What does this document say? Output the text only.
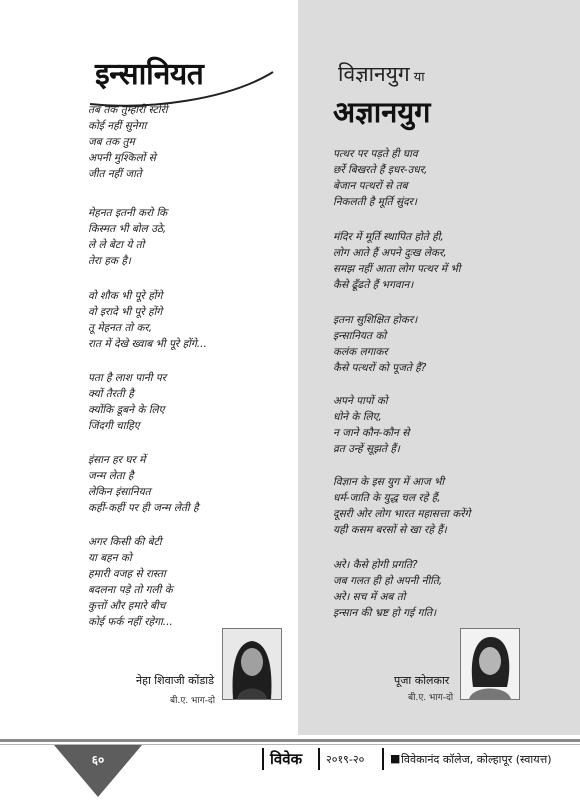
इन्सानियत
तब तक तुम्हारी स्टोरी
कोई नहीं सुनेगा
जब तक तुम
अपनी मुश्किलों से
जीत नहीं जाते
मेहनत इतनी करो कि
किस्मत भी बोल उठे,
ले ले बेटा ये तो
तेरा हक है।
वो शौक भी पूरे होंगे
वो इरादे भी पूरे होंगे
तू मेहनत तो कर,
रात में देखे ख्वाब भी पूरे होंगे...
पता है लाश पानी पर
क्यों तैरती है
क्योंकि डूबने के लिए
जिंदगी चाहिए
इंसान हर घर में
जन्म लेता है
लेकिन इंसानियत
कहीं-कहीं पर ही जन्म लेती है
अगर किसी की बेटी
या बहन को
हमारी वजह से रास्ता
बदलना पड़े तो गली के
कुत्तों और हमारे बीच
कोई फर्क नहीं रहेगा...
नेहा शिवाजी कोंडाडे
बी.ए. भाग-दो
विज्ञानयुग या
अज्ञानयुग
पत्थर पर पड़ते ही घाव
छर्रे बिखरते हैं इधर-उधर,
बेजान पत्थरों से तब
निकलती है मूर्ति सुंदर।
मंदिर में मूर्ति स्थापित होते ही,
लोग आते हैं अपने दुःख लेकर,
समझ नहीं आता लोग पत्थर में भी
कैसे ढूँढते हैं भगवान।
इतना सुशिक्षित होकर।
इन्सानियत को
कलंक लगाकर
कैसे पत्थरों को पूजते हैं?
अपने पापों को
धोने के लिए,
न जाने कौन-कौन से
व्रत उन्हें सूझते हैं।
विज्ञान के इस युग में आज भी
धर्म-जाति के युद्ध चल रहे हैं,
दूसरी ओर लोग भारत महासत्ता करेंगे
यही कसम बरसों से खा रहे हैं।
अरे। कैसे होगी प्रगति?
जब गलत ही हो अपनी नीति,
अरे। सच में अब तो
इन्सान की भ्रष्ट हो गई गति।
पूजा कोलकार
बी.ए. भाग-दो
६०	विवेक २०१९-२० ■ विवेकानंद कॉलेज, कोल्हापूर (स्वायत्त)
